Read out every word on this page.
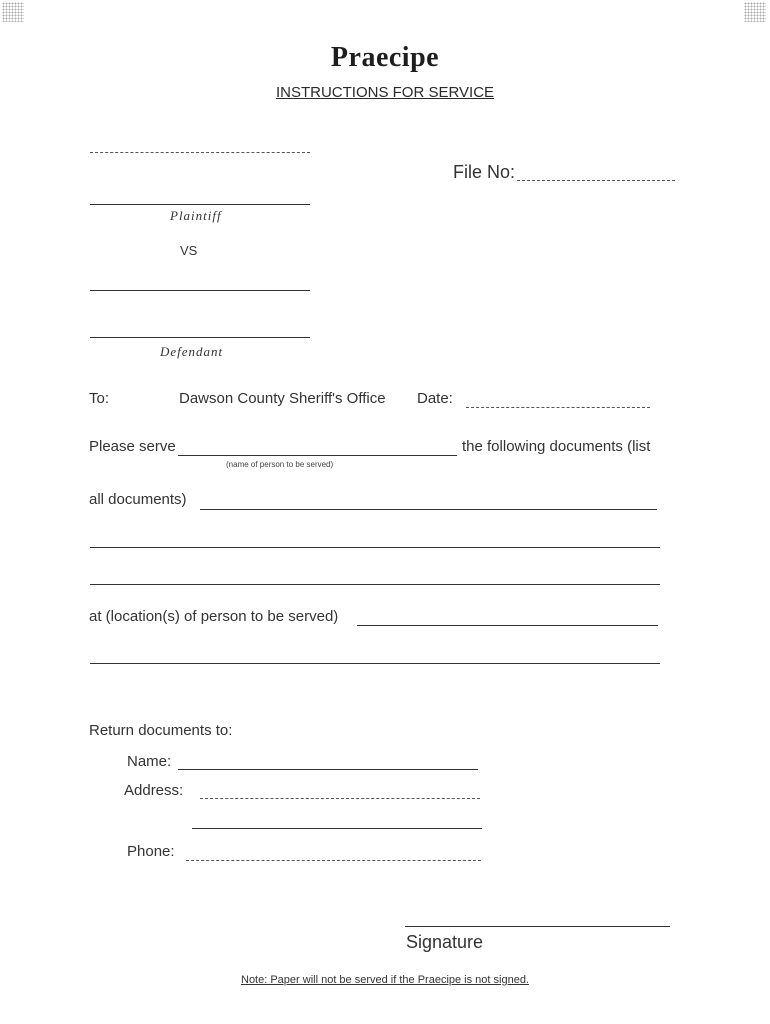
Praecipe
INSTRUCTIONS FOR SERVICE
File No:
Plaintiff
VS
Defendant
To:	Dawson County Sheriff's Office Date:
Please serve	the following documents (list
(name of person to be served)
all documents)
at (location(s) of person to be served)
Return documents to:
Name:
Address:
Phone:
Signature
Note: Paper will not be served if the Praecipe is not signed.
